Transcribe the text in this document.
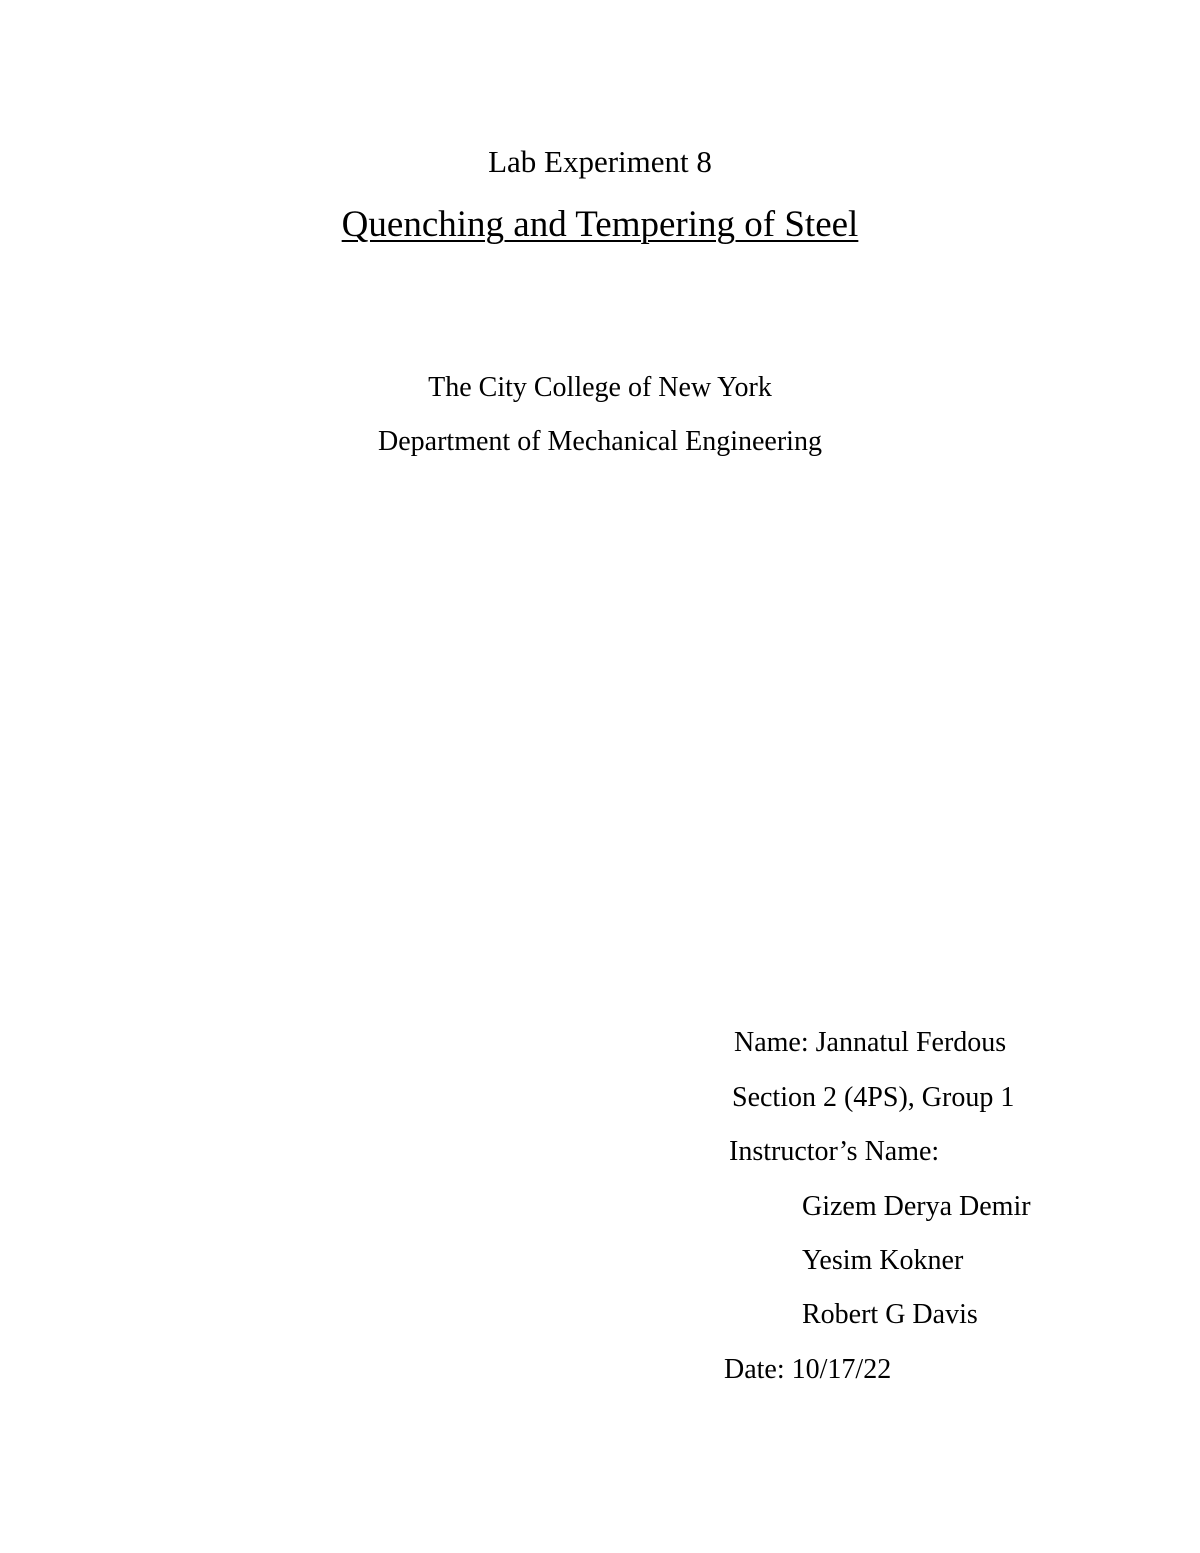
Lab Experiment 8
Quenching and Tempering of Steel
The City College of New York
Department of Mechanical Engineering
Name: Jannatul Ferdous
Section 2 (4PS), Group 1
Instructor’s Name:
Gizem Derya Demir
Yesim Kokner
Robert G Davis
Date: 10/17/22
